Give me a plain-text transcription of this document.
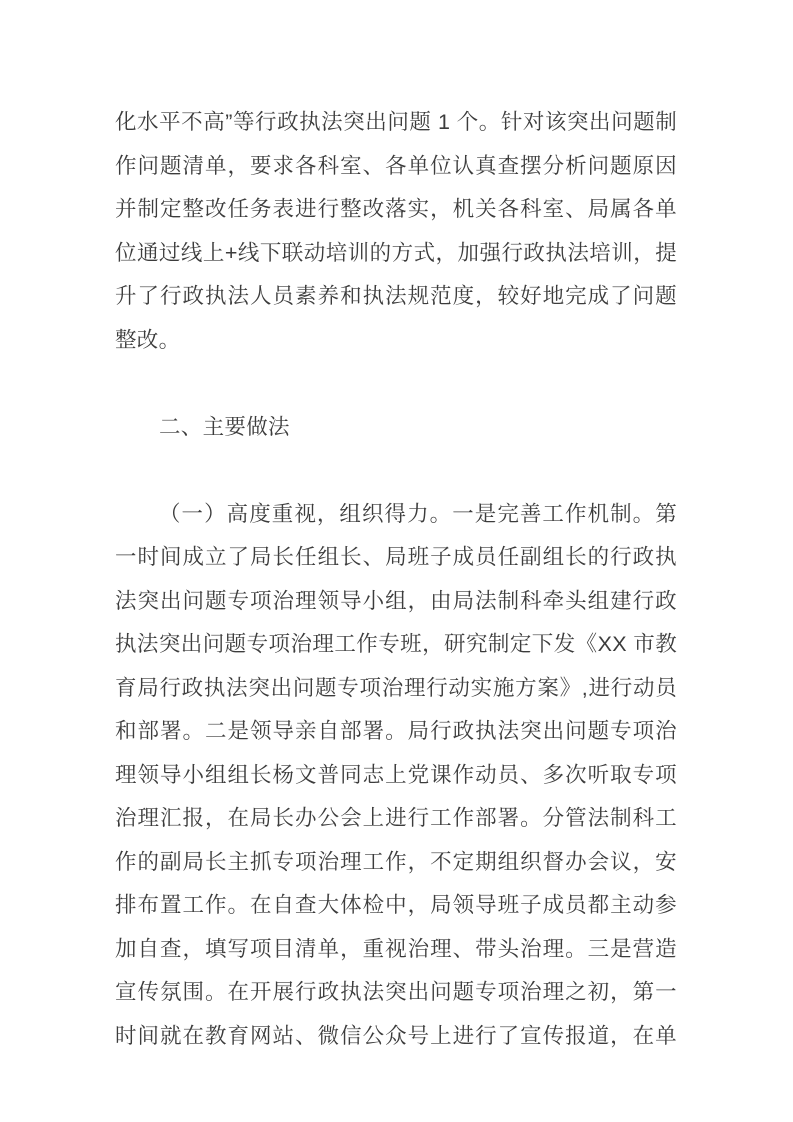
化水平不高”等行政执法突出问题 1 个。针对该突出问题制
作问题清单，要求各科室、各单位认真查摆分析问题原因
并制定整改任务表进行整改落实，机关各科室、局属各单
位通过线上+线下联动培训的方式，加强行政执法培训，提
升了行政执法人员素养和执法规范度，较好地完成了问题
整改。
二、主要做法
（一）高度重视，组织得力。一是完善工作机制。第
一时间成立了局长任组长、局班子成员任副组长的行政执
法突出问题专项治理领导小组，由局法制科牵头组建行政
执法突出问题专项治理工作专班，研究制定下发《XX 市教
育局行政执法突出问题专项治理行动实施方案》,进行动员
和部署。二是领导亲自部署。局行政执法突出问题专项治
理领导小组组长杨文普同志上党课作动员、多次听取专项
治理汇报，在局长办公会上进行工作部署。分管法制科工
作的副局长主抓专项治理工作，不定期组织督办会议，安
排布置工作。在自查大体检中，局领导班子成员都主动参
加自查，填写项目清单，重视治理、带头治理。三是营造
宣传氛围。在开展行政执法突出问题专项治理之初，第一
时间就在教育网站、微信公众号上进行了宣传报道，在单
